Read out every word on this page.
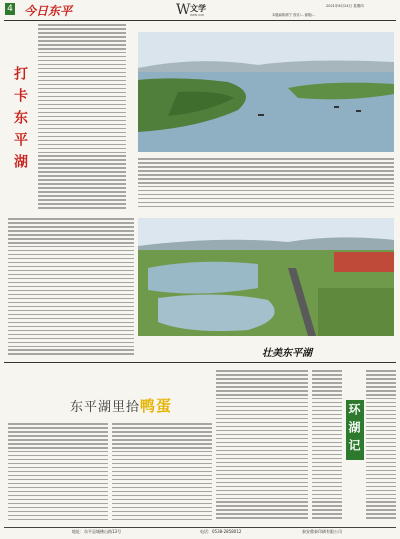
4 今日东平	W 文学
WEN XUE
2021年6月24日 星期四
本版编辑/郭宁 校对/... 邮箱/...
打卡东平湖
壮美东平湖
东平湖里拾鸭蛋	环湖记
地址：东平县城佛山路13号	电话：0538-2858012	泰安鼎泰印刷有限公司
